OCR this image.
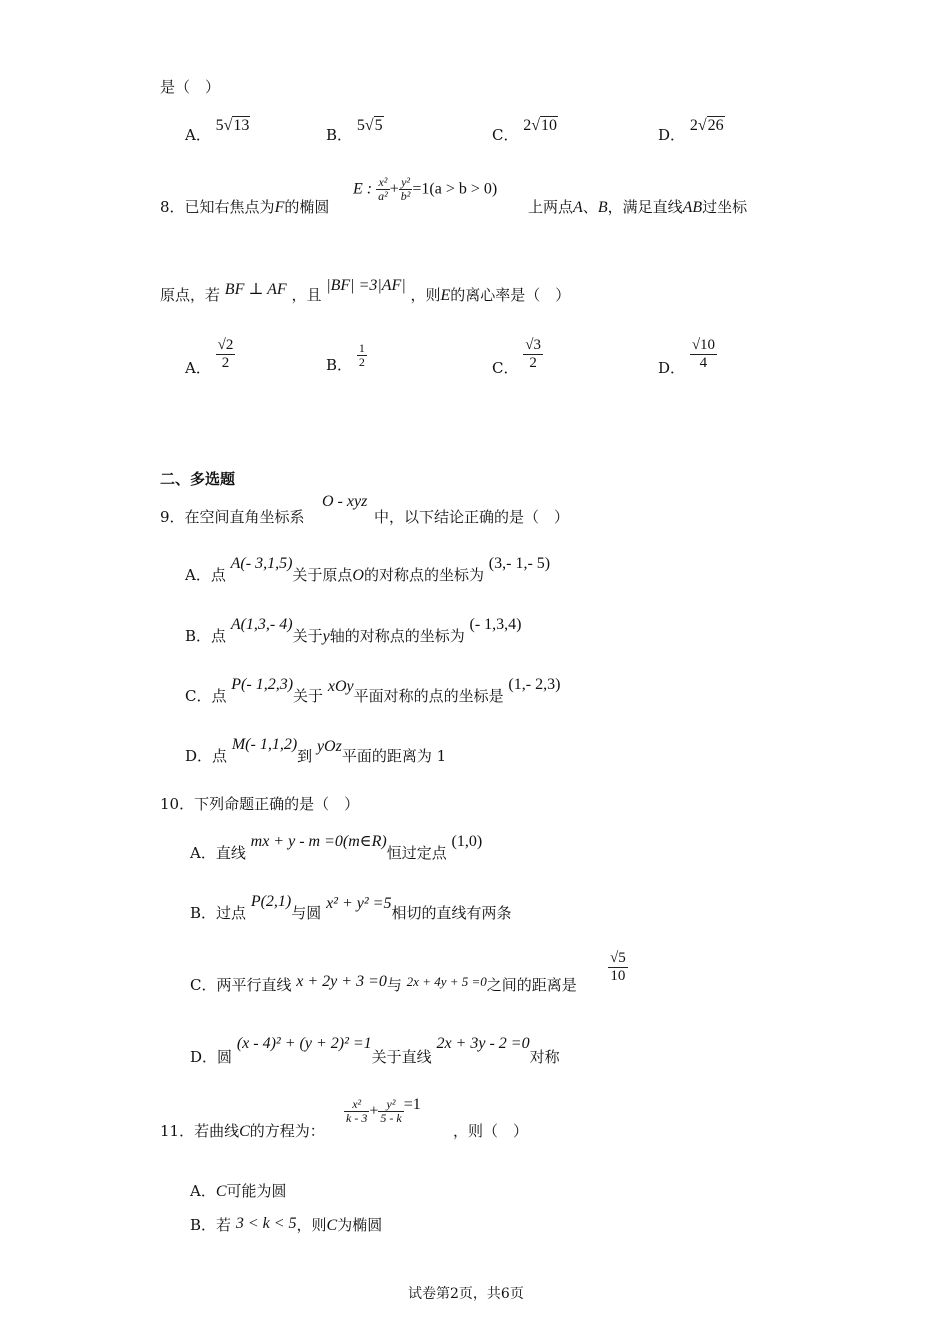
是（　）
A． 5√13
B． 5√5
C． 2√10
D． 2√26
8．已知右焦点为F的椭圆
E : $\frac{\text{x²}}{\text{a²}} + \frac{\text{y²}}{\text{b²}} =1(a > b > 0)$
上两点A、B，满足直线AB过坐标
原点，若 BF ⊥ AF ，且 |BF| =3|AF| ，则E的离心率是（　）
A． $\frac{√2}{2}$	B． $\frac{1}{2}$	C． $\frac{√3}{2}$	D． $\frac{√10}{4}$
二、多选题
9．在空间直角坐标系
O - xyz
中，以下结论正确的是（　）
A．点 A(- 3,1,5)关于原点O的对称点的坐标为 (3,- 1,- 5)
B．点 A(1,3,- 4)关于y轴的对称点的坐标为 (- 1,3,4)
C．点 P(- 1,2,3)关于 xOy平面对称的点的坐标是 (1,- 2,3)
D．点 M(- 1,1,2)到 yOz平面的距离为 1
10．下列命题正确的是（　）
A．直线 mx + y - m =0(m∈R)恒过定点 (1,0)
B．过点 P(2,1)与圆 x² + y² =5相切的直线有两条
C．两平行直线 x + 2y + 3 =0与 2x + 4y + 5 =0之间的距离是
$\frac{√5}{10}$
D．圆 (x - 4)² + (y + 2)² =1关于直线 2x + 3y - 2 =0对称
11．若曲线C的方程为：
$\frac{\text{x²}}{k - 3} + \frac{\text{y²}}{5 - k} =1$
，则（　）
A．C可能为圆
B．若 3 < k < 5，则C为椭圆
试卷第2页，共6页
